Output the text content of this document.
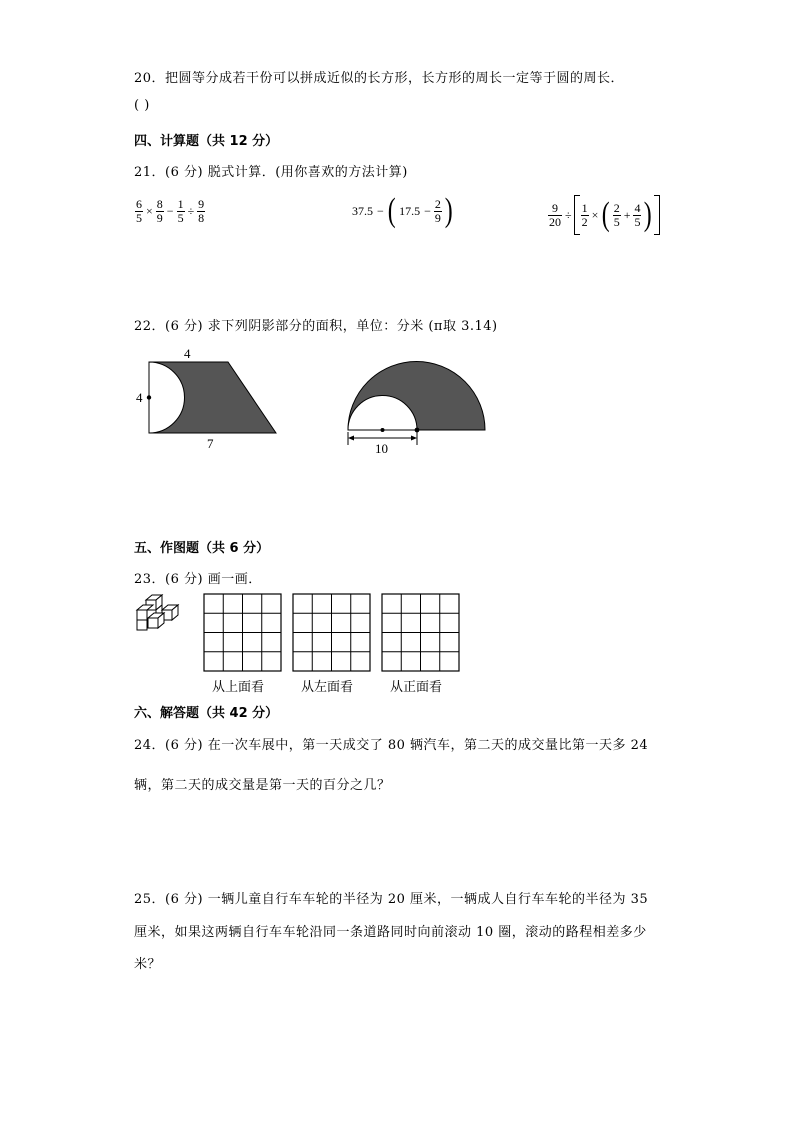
20．把圆等分成若干份可以拼成近似的长方形，长方形的周长一定等于圆的周长．
( )
四、计算题（共 12 分）
21．(6 分) 脱式计算．(用你喜欢的方法计算)
$\frac{6}{5} \times \frac{8}{9} - \frac{1}{5} \div \frac{9}{8}$	37.5 − ( $17.5 - \frac{2}{9}$ )	$\frac{9}{20} \div \frac{1}{2}$ × ( $\frac{2}{5} + \frac{4}{5}$ )
22．(6 分) 求下列阴影部分的面积，单位：分米 (π取 3.14)
4
4
7	10
五、作图题（共 6 分）
23．(6 分) 画一画．
从上面看	从左面看	从正面看
六、解答题（共 42 分）
24．(6 分) 在一次车展中，第一天成交了 80 辆汽车，第二天的成交量比第一天多 24
辆，第二天的成交量是第一天的百分之几？
25．(6 分) 一辆儿童自行车车轮的半径为 20 厘米，一辆成人自行车车轮的半径为 35
厘米，如果这两辆自行车车轮沿同一条道路同时向前滚动 10 圈，滚动的路程相差多少
米？
